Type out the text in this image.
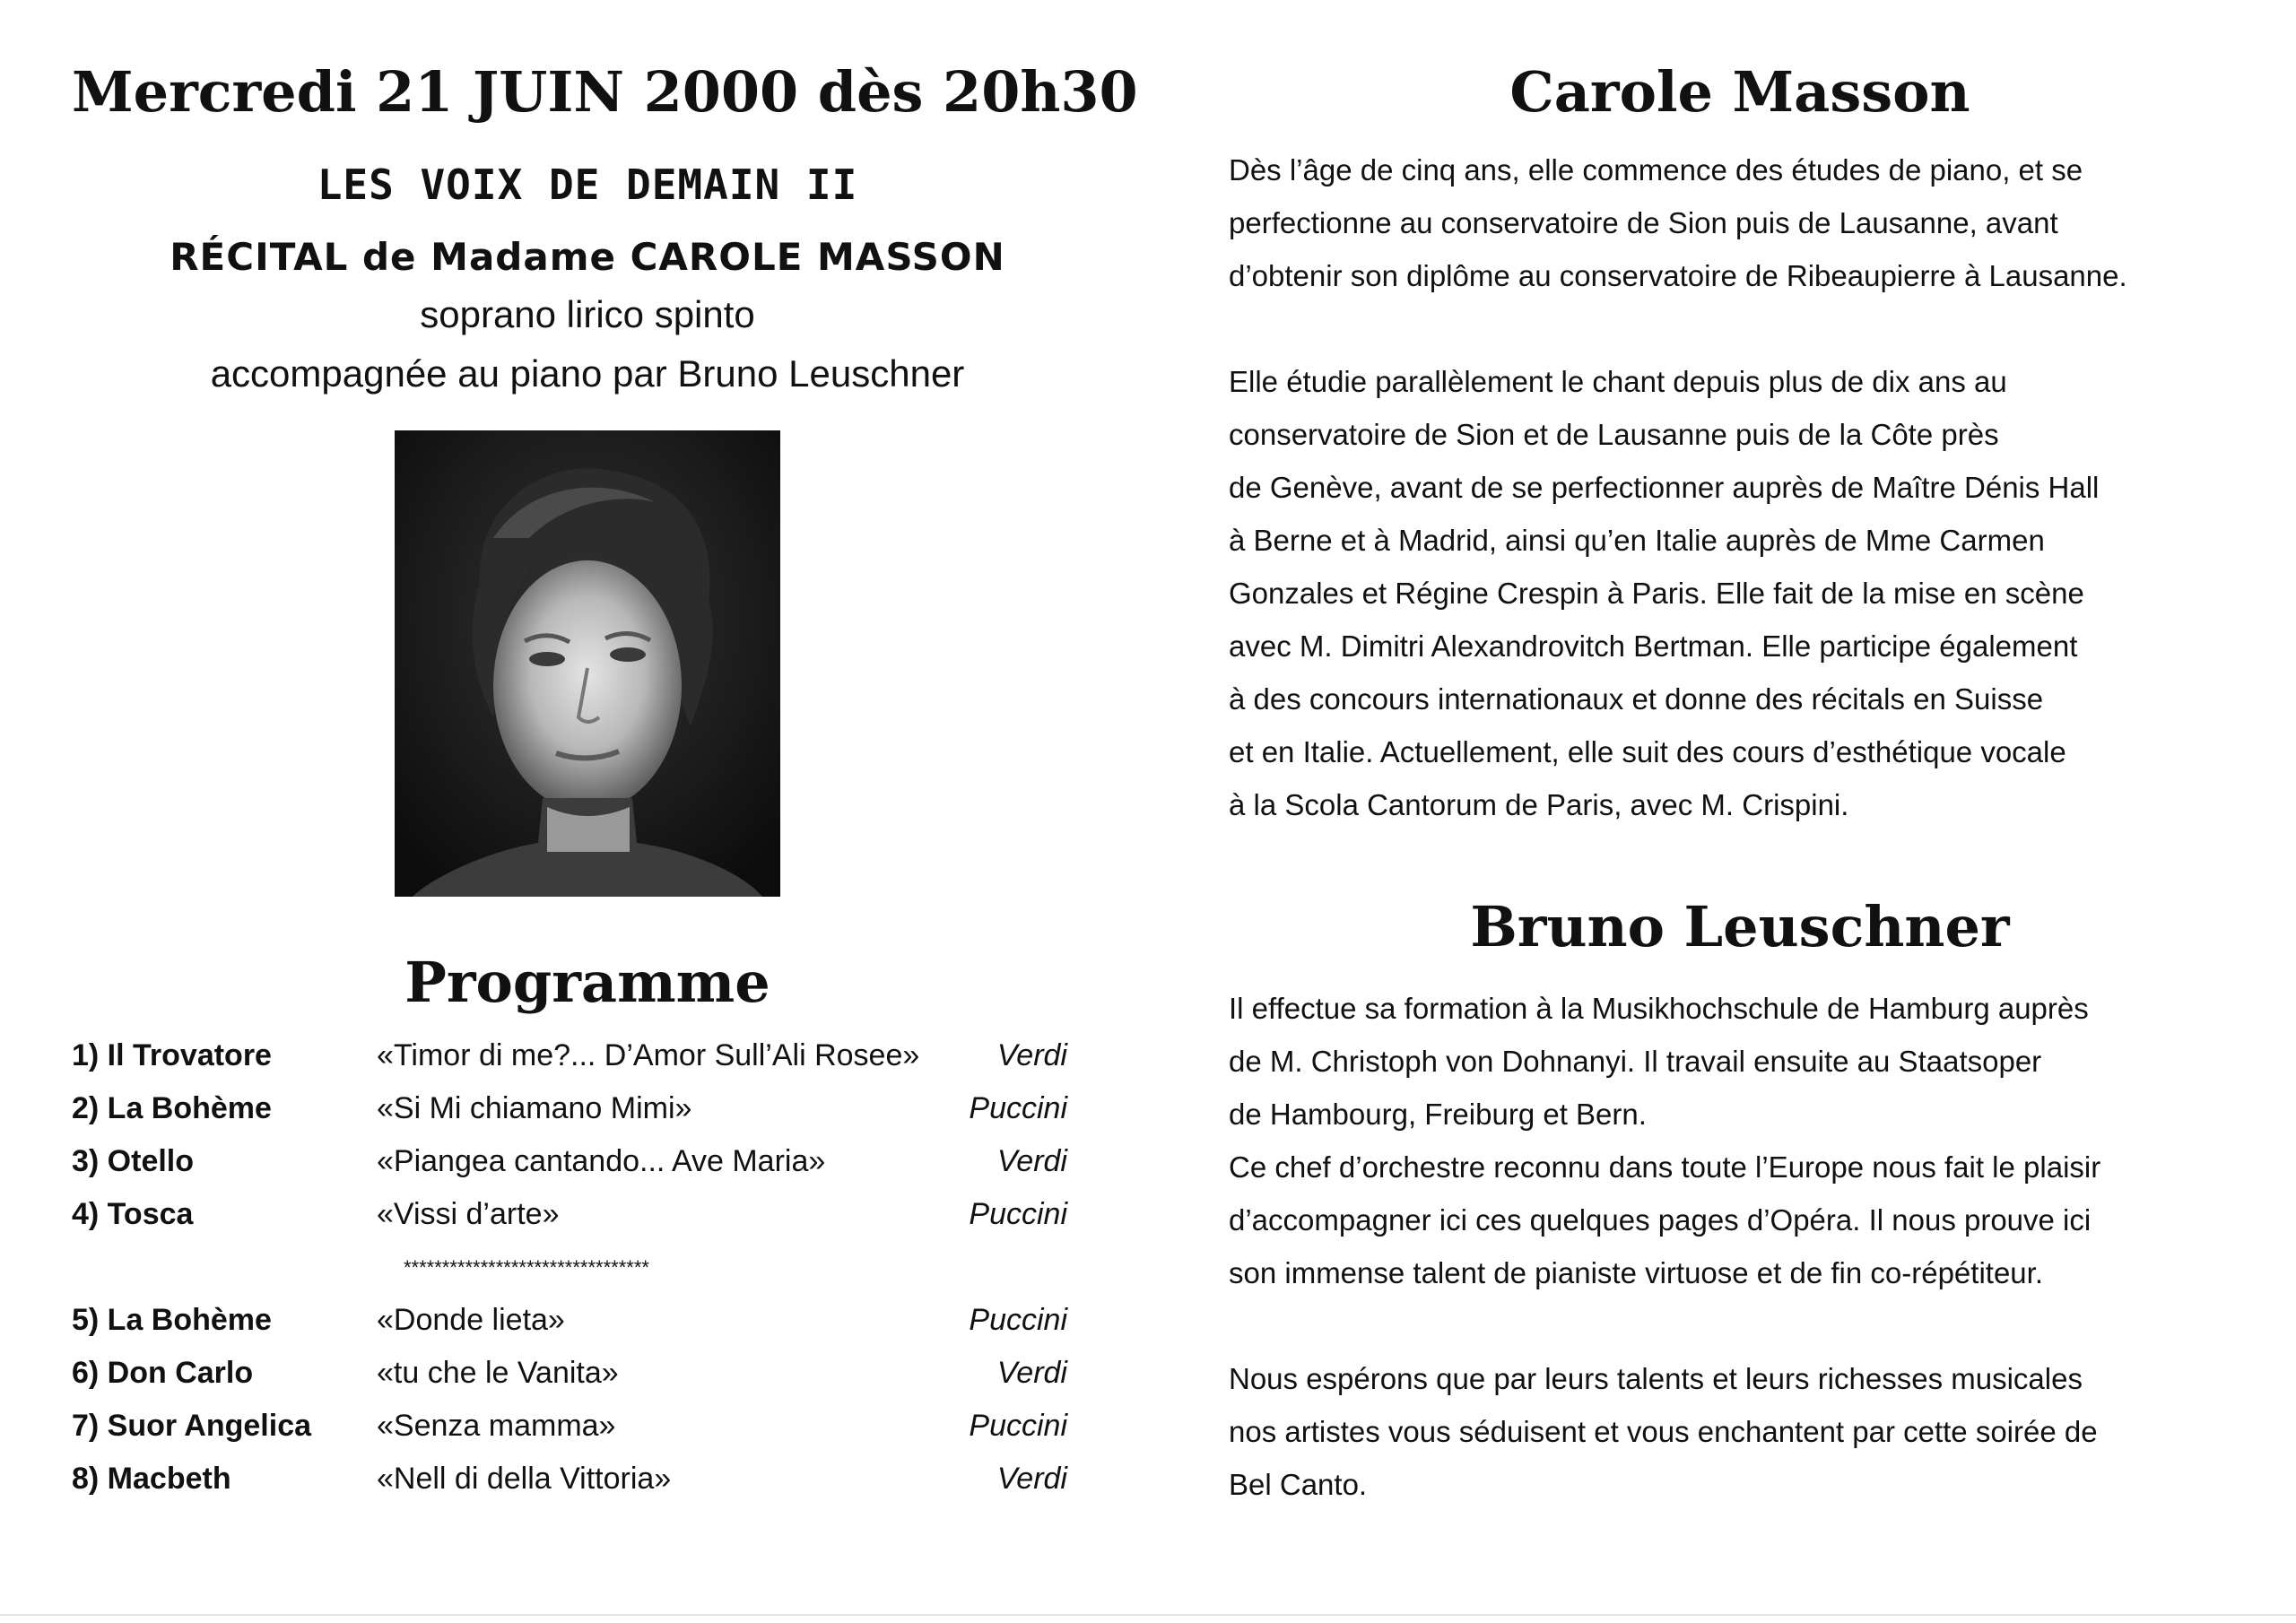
Mercredi 21 JUIN 2000 dès 20h30
LES VOIX DE DEMAIN II
RÉCITAL de Madame CAROLE MASSON
soprano lirico spinto
accompagnée au piano par Bruno Leuschner
Programme
1) Il Trovatore	«Timor di me?... D’Amor Sull’Ali Rosee»	Verdi
2) La Bohème	«Si Mi chiamano Mimi»	Puccini
3) Otello	«Piangea cantando... Ave Maria»	Verdi
4) Tosca	«Vissi d’arte»	Puccini
********************************
5) La Bohème	«Donde lieta»	Puccini
6) Don Carlo	«tu che le Vanita»	Verdi
7) Suor Angelica	«Senza mamma»	Puccini
8) Macbeth	«Nell di della Vittoria»	Verdi
Carole Masson
Dès l’âge de cinq ans, elle commence des études de piano, et se
perfectionne au conservatoire de Sion puis de Lausanne, avant
d’obtenir son diplôme au conservatoire de Ribeaupierre à Lausanne.
Elle étudie parallèlement le chant depuis plus de dix ans au
conservatoire de Sion et de Lausanne puis de la Côte près
de Genève, avant de se perfectionner auprès de Maître Dénis Hall
à Berne et à Madrid, ainsi qu’en Italie auprès de Mme Carmen
Gonzales et Régine Crespin à Paris. Elle fait de la mise en scène
avec M. Dimitri Alexandrovitch Bertman. Elle participe également
à des concours internationaux et donne des récitals en Suisse
et en Italie. Actuellement, elle suit des cours d’esthétique vocale
à la Scola Cantorum de Paris, avec M. Crispini.
Bruno Leuschner
Il effectue sa formation à la Musikhochschule de Hamburg auprès
de M. Christoph von Dohnanyi. Il travail ensuite au Staatsoper
de Hambourg, Freiburg et Bern.
Ce chef d’orchestre reconnu dans toute l’Europe nous fait le plaisir
d’accompagner ici ces quelques pages d’Opéra. Il nous prouve ici
son immense talent de pianiste virtuose et de fin co-répétiteur.
Nous espérons que par leurs talents et leurs richesses musicales
nos artistes vous séduisent et vous enchantent par cette soirée de
Bel Canto.
